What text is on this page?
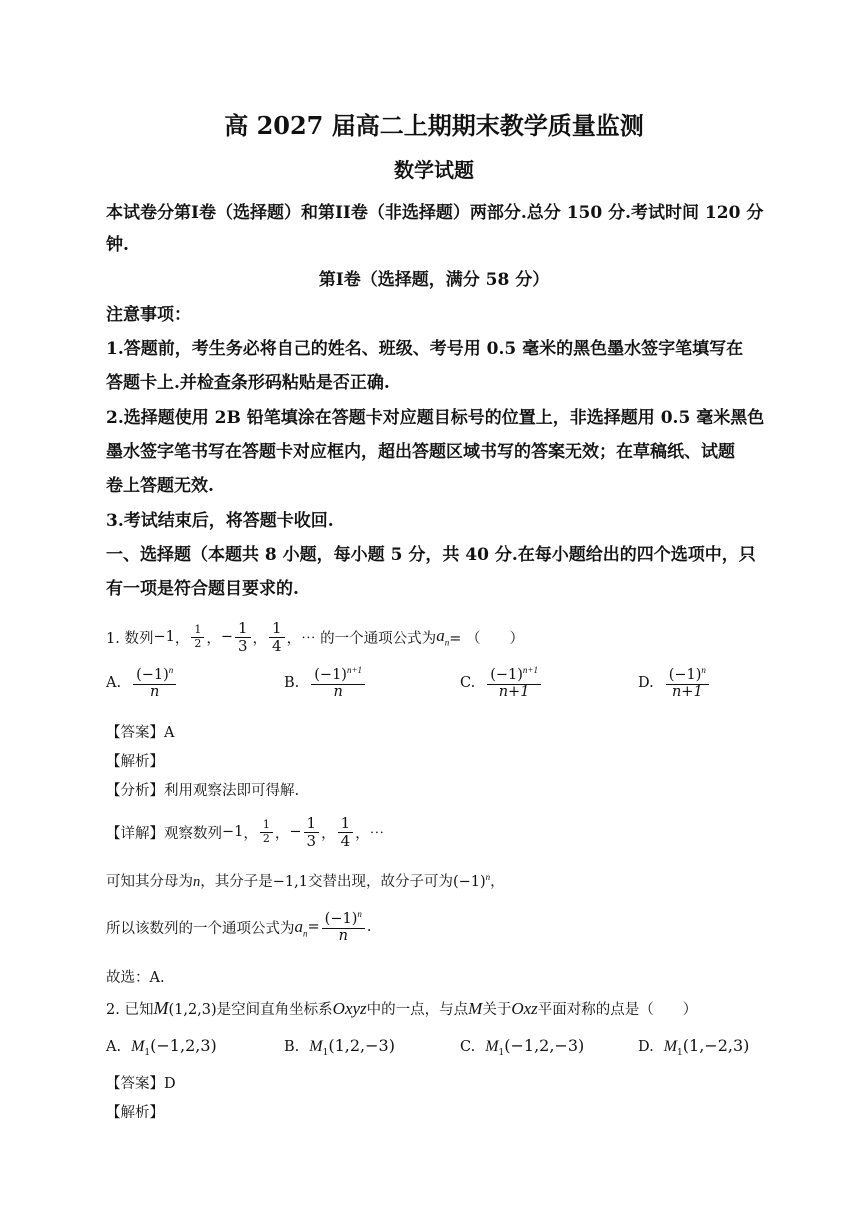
高 2027 届高二上期期末教学质量监测
数学试题
本试卷分第I卷（选择题）和第II卷（非选择题）两部分.总分 150 分.考试时间 120 分
钟.
第I卷（选择题，满分 58 分）
注意事项：
1.答题前，考生务必将自己的姓名、班级、考号用 0.5 毫米的黑色墨水签字笔填写在
答题卡上.并检查条形码粘贴是否正确.
2.选择题使用 2B 铅笔填涂在答题卡对应题目标号的位置上，非选择题用 0.5 毫米黑色
墨水签字笔书写在答题卡对应框内，超出答题区域书写的答案无效；在草稿纸、试题
卷上答题无效.
3.考试结束后，将答题卡收回.
一、选择题（本题共 8 小题，每小题 5 分，共 40 分.在每小题给出的四个选项中，只
有一项是符合题目要求的.
1. 数列 −1 ， $\frac{1}{2}$ ， − $\frac{1}{3}$ ， $\frac{1}{4}$ ，⋯ 的一个通项公式为 $a_n$ = （　　）
A. $\frac{(-1)^n}{n}$	B. $\frac{(-1)^{n+1}}{n}$	C. $\frac{(-1)^{n+1}}{n+1}$	D. $\frac{(-1)^n}{n+1}$
【答案】A
【解析】
【分析】利用观察法即可得解.
【详解】观察数列 −1 ， $\frac{1}{2}$ ， − $\frac{1}{3}$ ， $\frac{1}{4}$ ，⋯
可知其分母为n，其分子是−1,1交替出现，故分子可为$(-1)^n$，
所以该数列的一个通项公式为 $a_n = \frac{(-1)^n}{n}$ .
故选：A.
2. 已知M(1,2,3)是空间直角坐标系Oxyz中的一点，与点M关于Oxz平面对称的点是（　　）
A. $M_1(-1,2,3)$	B. $M_1(1,2,-3)$	C. $M_1(-1,2,-3)$	D. $M_1(1,-2,3)$
【答案】D
【解析】
